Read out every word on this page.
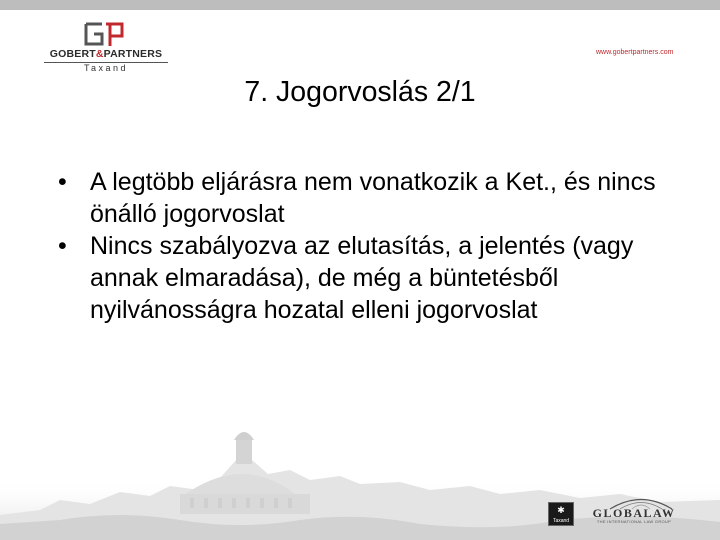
GOBERT&PARTNERS
Taxand
www.gobertpartners.com
7. Jogorvoslás 2/1
• A legtöbb eljárásra nem vonatkozik a Ket., és nincs önálló jogorvoslat
• Nincs szabályozva az elutasítás, a jelentés (vagy annak elmaradása), de még a büntetésből nyilvánosságra hozatal elleni jogorvoslat
✱
Taxand
GLOBALAW
THE INTERNATIONAL LAW GROUP
